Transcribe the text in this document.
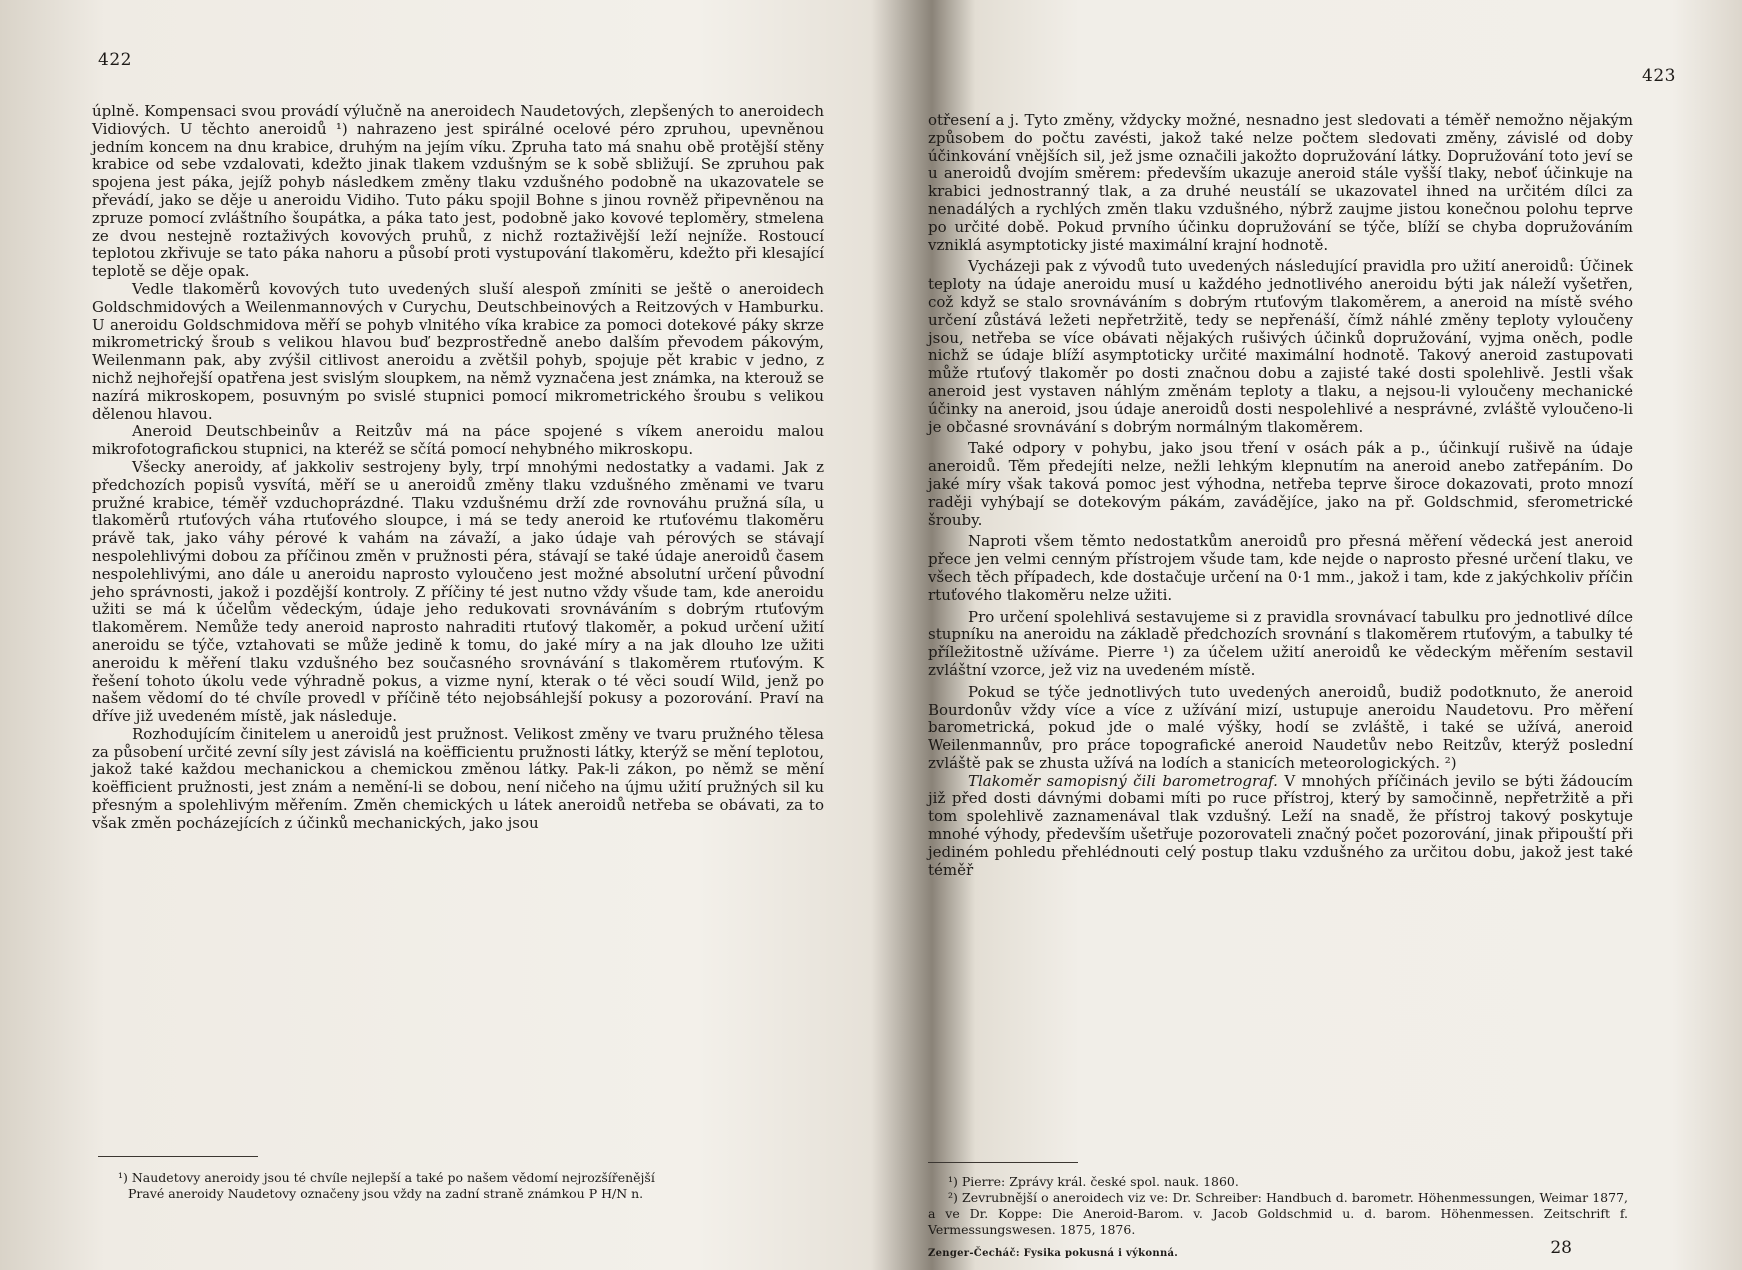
422

úplně. Kompensaci svou provádí výlučně na aneroidech Naudetových, zlepšených to aneroidech Vidiových. U těchto aneroidů ¹) nahrazeno jest spirálné ocelové péro zpruhou, upevněnou jedním koncem na dnu krabice, druhým na jejím víku. Zpruha tato má snahu obě protější stěny krabice od sebe vzdalovati, kdežto jinak tlakem vzdušným se k sobě sbližují. Se zpruhou pak spojena jest páka, jejíž pohyb následkem změny tlaku vzdušného podobně na ukazovatele se převádí, jako se děje u aneroidu Vidiho. Tuto páku spojil Bohne s jinou rovněž připevněnou na zpruze pomocí zvláštního šoupátka, a páka tato jest, podobně jako kovové teploměry, stmelena ze dvou nestejně roztaživých kovových pruhů, z nichž roztaživější leží nejníže. Rostoucí teplotou zkřivuje se tato páka nahoru a působí proti vystupování tlakoměru, kdežto při klesající teplotě se děje opak.

Vedle tlakoměrů kovových tuto uvedených sluší alespoň zmíniti se ještě o aneroidech Goldschmidových a Weilenmannových v Curychu, Deutschbeinových a Reitzových v Hamburku. U aneroidu Goldschmidova měří se pohyb vlnitého víka krabice za pomoci dotekové páky skrze mikrometrický šroub s velikou hlavou buď bezprostředně anebo dalším převodem pákovým, Weilenmann pak, aby zvýšil citlivost aneroidu a zvětšil pohyb, spojuje pět krabic v jedno, z nichž nejhořejší opatřena jest svislým sloupkem, na němž vyznačena jest známka, na kterouž se nazírá mikroskopem, posuvným po svislé stupnici pomocí mikrometrického šroubu s velikou dělenou hlavou.

Aneroid Deutschbeinův a Reitzův má na páce spojené s víkem aneroidu malou mikrofotografickou stupnici, na kteréž se sčítá pomocí nehybného mikroskopu.

Všecky aneroidy, ať jakkoliv sestrojeny byly, trpí mnohými nedostatky a vadami. Jak z předchozích popisů vysvítá, měří se u aneroidů změny tlaku vzdušného změnami ve tvaru pružné krabice, téměř vzduchoprázdné. Tlaku vzdušnému drží zde rovnováhu pružná síla, u tlakoměrů rtuťových váha rtuťového sloupce, i má se tedy aneroid ke rtuťovému tlakoměru právě tak, jako váhy pérové k vahám na závaží, a jako údaje vah pérových se stávají nespolehlivými dobou za příčinou změn v pružnosti péra, stávají se také údaje aneroidů časem nespolehlivými, ano dále u aneroidu naprosto vyloučeno jest možné absolutní určení původní jeho správnosti, jakož i pozdější kontroly. Z příčiny té jest nutno vždy všude tam, kde aneroidu užiti se má k účelům vědeckým, údaje jeho redukovati srovnáváním s dobrým rtuťovým tlakoměrem. Nemůže tedy aneroid naprosto nahraditi rtuťový tlakoměr, a pokud určení užití aneroidu se týče, vztahovati se může jedině k tomu, do jaké míry a na jak dlouho lze užiti aneroidu k měření tlaku vzdušného bez současného srovnávání s tlakoměrem rtuťovým. K řešení tohoto úkolu vede výhradně pokus, a vizme nyní, kterak o té věci soudí Wild, jenž po našem vědomí do té chvíle provedl v příčině této nejobsáhlejší pokusy a pozorování. Praví na dříve již uvedeném místě, jak následuje.

Rozhodujícím činitelem u aneroidů jest pružnost. Velikost změny ve tvaru pružného tělesa za působení určité zevní síly jest závislá na koëfficientu pružnosti látky, kterýž se mění teplotou, jakož také každou mechanickou a chemickou změnou látky. Pak-li zákon, po němž se mění koëfficient pružnosti, jest znám a nemění-li se dobou, není ničeho na újmu užití pružných sil ku přesným a spolehlivým měřením. Změn chemických u látek aneroidů netřeba se obávati, za to však změn pocházejících z účinků mechanických, jako jsou

¹) Naudetovy aneroidy jsou té chvíle nejlepší a také po našem vědomí nejrozšířenější

Pravé aneroidy Naudetovy označeny jsou vždy na zadní straně známkou P H/N n.

423

otřesení a j. Tyto změny, vždycky možné, nesnadno jest sledovati a téměř nemožno nějakým způsobem do počtu zavésti, jakož také nelze počtem sledovati změny, závislé od doby účinkování vnějších sil, jež jsme označili jakožto dopružování látky. Dopružování toto jeví se u aneroidů dvojím směrem: především ukazuje aneroid stále vyšší tlaky, neboť účinkuje na krabici jednostranný tlak, a za druhé neustálí se ukazovatel ihned na určitém dílci za nenadálých a rychlých změn tlaku vzdušného, nýbrž zaujme jistou konečnou polohu teprve po určité době. Pokud prvního účinku dopružování se týče, blíží se chyba dopružováním vzniklá asymptoticky jisté maximální krajní hodnotě.

Vycházeji pak z vývodů tuto uvedených následující pravidla pro užití aneroidů: Účinek teploty na údaje aneroidu musí u každého jednotlivého aneroidu býti jak náleží vyšetřen, což když se stalo srovnáváním s dobrým rtuťovým tlakoměrem, a aneroid na místě svého určení zůstává ležeti nepřetržitě, tedy se nepřenáší, čímž náhlé změny teploty vyloučeny jsou, netřeba se více obávati nějakých rušivých účinků dopružování, vyjma oněch, podle nichž se údaje blíží asymptoticky určité maximální hodnotě. Takový aneroid zastupovati může rtuťový tlakoměr po dosti značnou dobu a zajisté také dosti spolehlivě. Jestli však aneroid jest vystaven náhlým změnám teploty a tlaku, a nejsou-li vyloučeny mechanické účinky na aneroid, jsou údaje aneroidů dosti nespolehlivé a nesprávné, zvláště vyloučeno-li je občasné srovnávání s dobrým normálným tlakoměrem.

Také odpory v pohybu, jako jsou tření v osách pák a p., účinkují rušivě na údaje aneroidů. Těm předejíti nelze, nežli lehkým klepnutím na aneroid anebo zatřepáním. Do jaké míry však taková pomoc jest výhodna, netřeba teprve široce dokazovati, proto mnozí raději vyhýbají se dotekovým pákám, zavádějíce, jako na př. Goldschmid, sferometrické šrouby.

Naproti všem těmto nedostatkům aneroidů pro přesná měření vědecká jest aneroid přece jen velmi cenným přístrojem všude tam, kde nejde o naprosto přesné určení tlaku, ve všech těch případech, kde dostačuje určení na 0·1 mm., jakož i tam, kde z jakýchkoliv příčin rtuťového tlakoměru nelze užiti.

Pro určení spolehlivá sestavujeme si z pravidla srovnávací tabulku pro jednotlivé dílce stupníku na aneroidu na základě předchozích srovnání s tlakoměrem rtuťovým, a tabulky té příležitostně užíváme. Pierre ¹) za účelem užití aneroidů ke vědeckým měřením sestavil zvláštní vzorce, jež viz na uvedeném místě.

Pokud se týče jednotlivých tuto uvedených aneroidů, budiž podotknuto, že aneroid Bourdonův vždy více a více z užívání mizí, ustupuje aneroidu Naudetovu. Pro měření barometrická, pokud jde o malé výšky, hodí se zvláště, i také se užívá, aneroid Weilenmannův, pro práce topografické aneroid Naudetův nebo Reitzův, kterýž poslední zvláště pak se zhusta užívá na lodích a stanicích meteorologických. ²)

Tlakoměr samopisný čili barometrograf. V mnohých příčinách jevilo se býti žádoucím již před dosti dávnými dobami míti po ruce přístroj, který by samočinně, nepřetržitě a při tom spolehlivě zaznamenával tlak vzdušný. Leží na snadě, že přístroj takový poskytuje mnohé výhody, především ušetřuje pozorovateli značný počet pozorování, jinak připouští při jediném pohledu přehlédnouti celý postup tlaku vzdušného za určitou dobu, jakož jest také téměř

¹) Pierre: Zprávy král. české spol. nauk. 1860.

²) Zevrubnější o aneroidech viz ve: Dr. Schreiber: Handbuch d. barometr. Höhenmessungen, Weimar 1877, a ve Dr. Koppe: Die Aneroid-Barom. v. Jacob Goldschmid u. d. barom. Höhenmessen. Zeitschrift f. Vermessungswesen. 1875, 1876.

Zenger-Čecháč: Fysika pokusná i výkonná.	28
